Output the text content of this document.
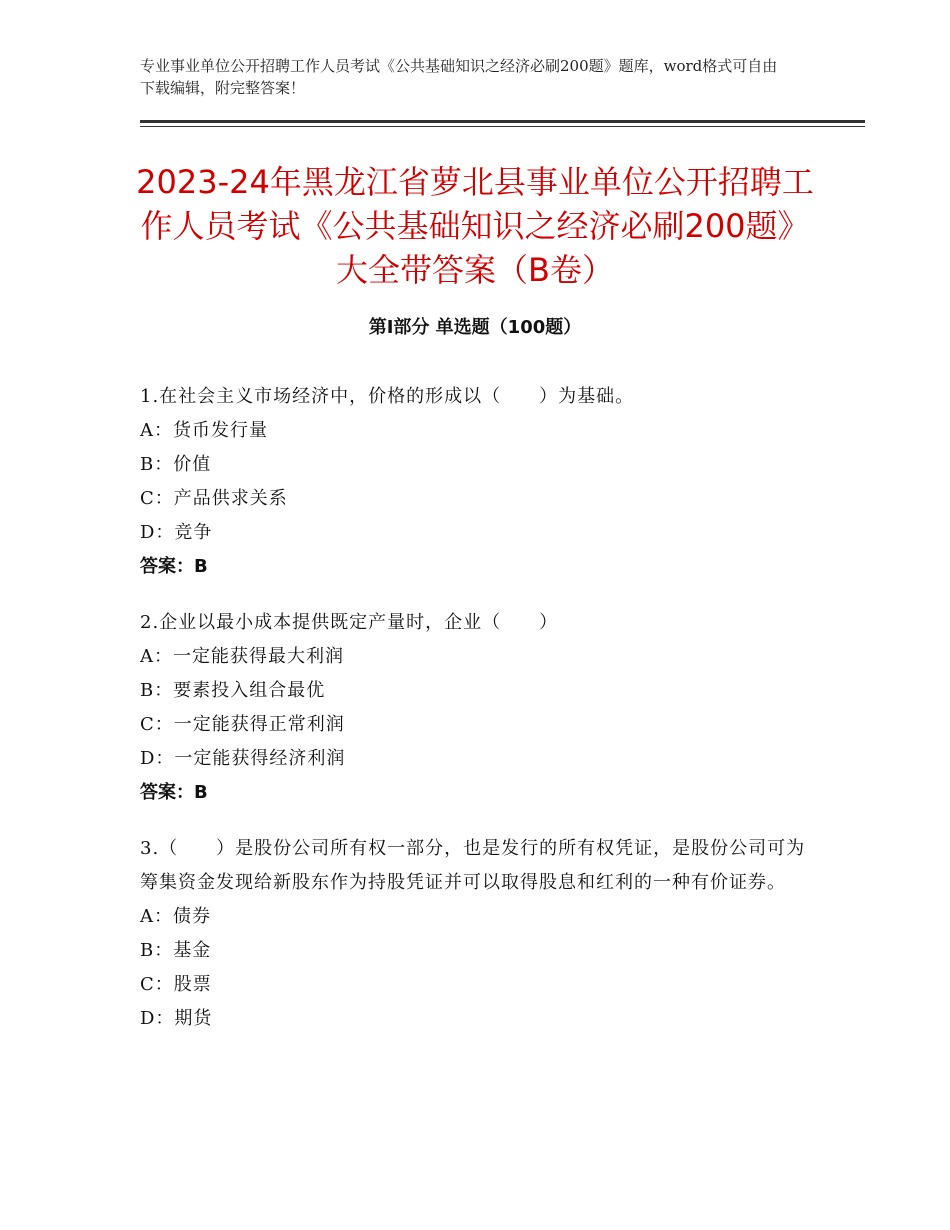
专业事业单位公开招聘工作人员考试《公共基础知识之经济必刷200题》题库，word格式可自由下载编辑，附完整答案！
2023-24年黑龙江省萝北县事业单位公开招聘工作人员考试《公共基础知识之经济必刷200题》大全带答案（B卷）
第Ⅰ部分 单选题（100题）

1.在社会主义市场经济中，价格的形成以（　　）为基础。

A：货币发行量

B：价值

C：产品供求关系

D：竞争

答案：B

2.企业以最小成本提供既定产量时，企业（　　）

A：一定能获得最大利润

B：要素投入组合最优

C：一定能获得正常利润

D：一定能获得经济利润

答案：B

3.（　　）是股份公司所有权一部分，也是发行的所有权凭证，是股份公司可为筹集资金发现给新股东作为持股凭证并可以取得股息和红利的一种有价证券。

A：债券

B：基金

C：股票

D：期货
